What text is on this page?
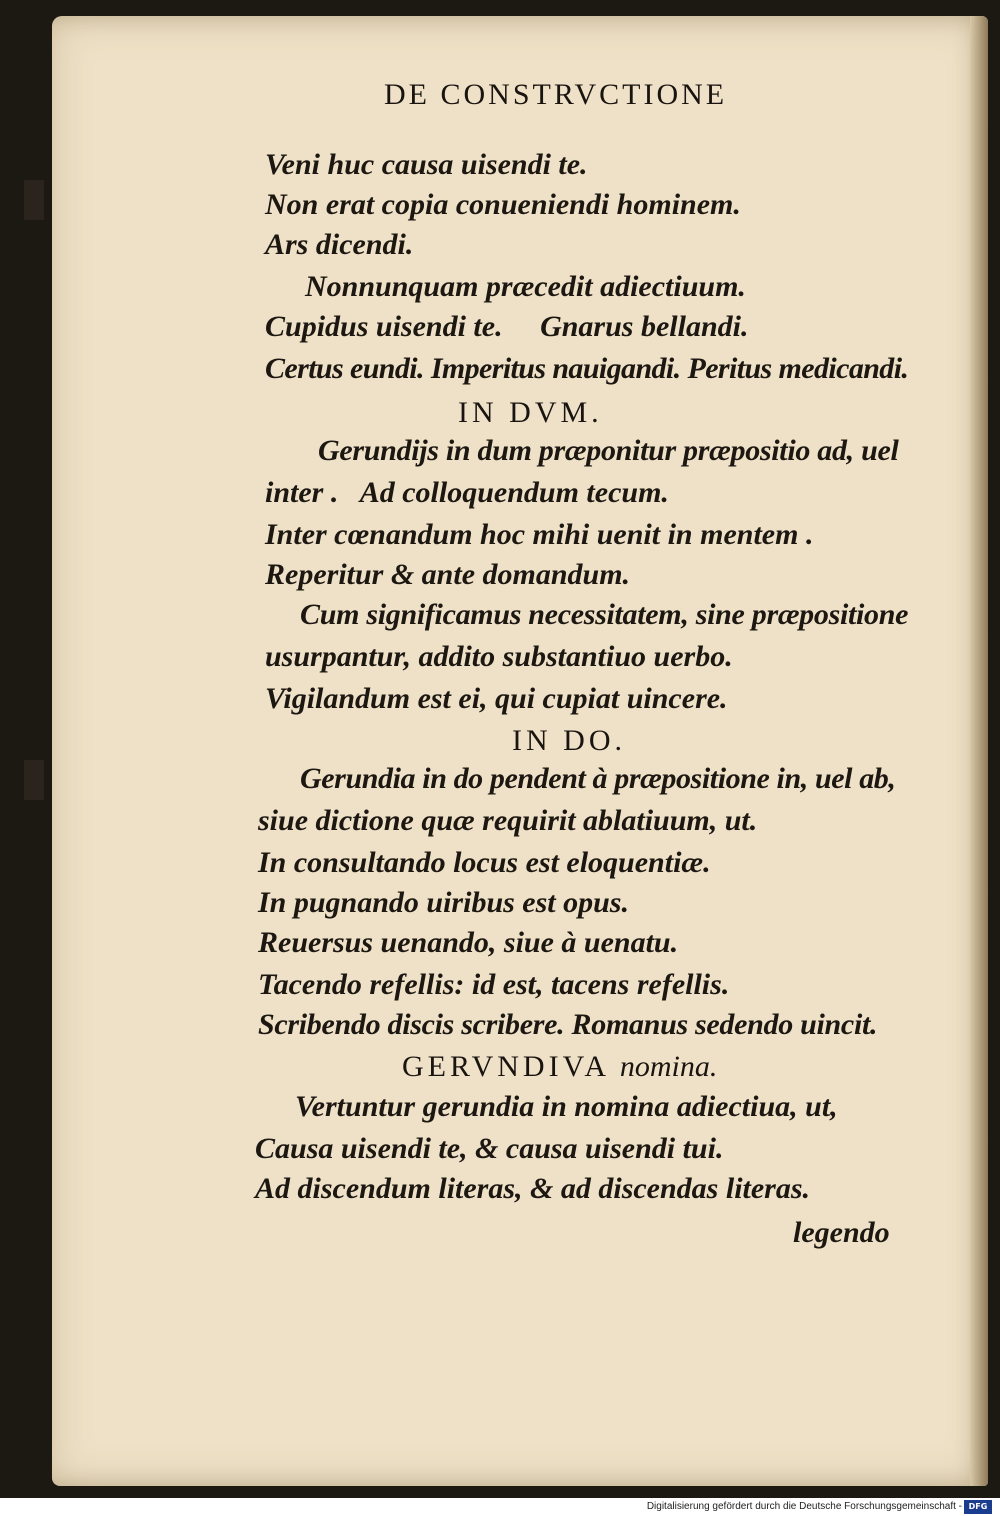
DE CONSTRVCTIONE
Veni huc causa uisendi te.
Non erat copia conueniendi hominem.
Ars dicendi.
Nonnunquam præcedit adiectiuum.
Cupidus uisendi te.     Gnarus bellandi.
Certus eundi. Imperitus nauigandi. Peritus medicandi.
IN DVM.
Gerundijs in dum præponitur præpositio ad, uel
inter .   Ad colloquendum tecum.
Inter cœnandum hoc mihi uenit in mentem .
Reperitur & ante domandum.
Cum significamus necessitatem, sine præpositione
usurpantur, addito substantiuo uerbo.
Vigilandum est ei, qui cupiat uincere.
IN DO.
Gerundia in do pendent à præpositione in, uel ab,
siue dictione quæ requirit ablatiuum, ut.
In consultando locus est eloquentiæ.
In pugnando uiribus est opus.
Reuersus uenando, siue à uenatu.
Tacendo refellis: id est, tacens refellis.
Scribendo discis scribere. Romanus sedendo uincit.
GERVNDIVA nomina.
Vertuntur gerundia in nomina adiectiua, ut,
Causa uisendi te, & causa uisendi tui.
Ad discendum literas, & ad discendas literas.
legendo
Digitalisierung gefördert durch die Deutsche Forschungsgemeinschaft - DFG
